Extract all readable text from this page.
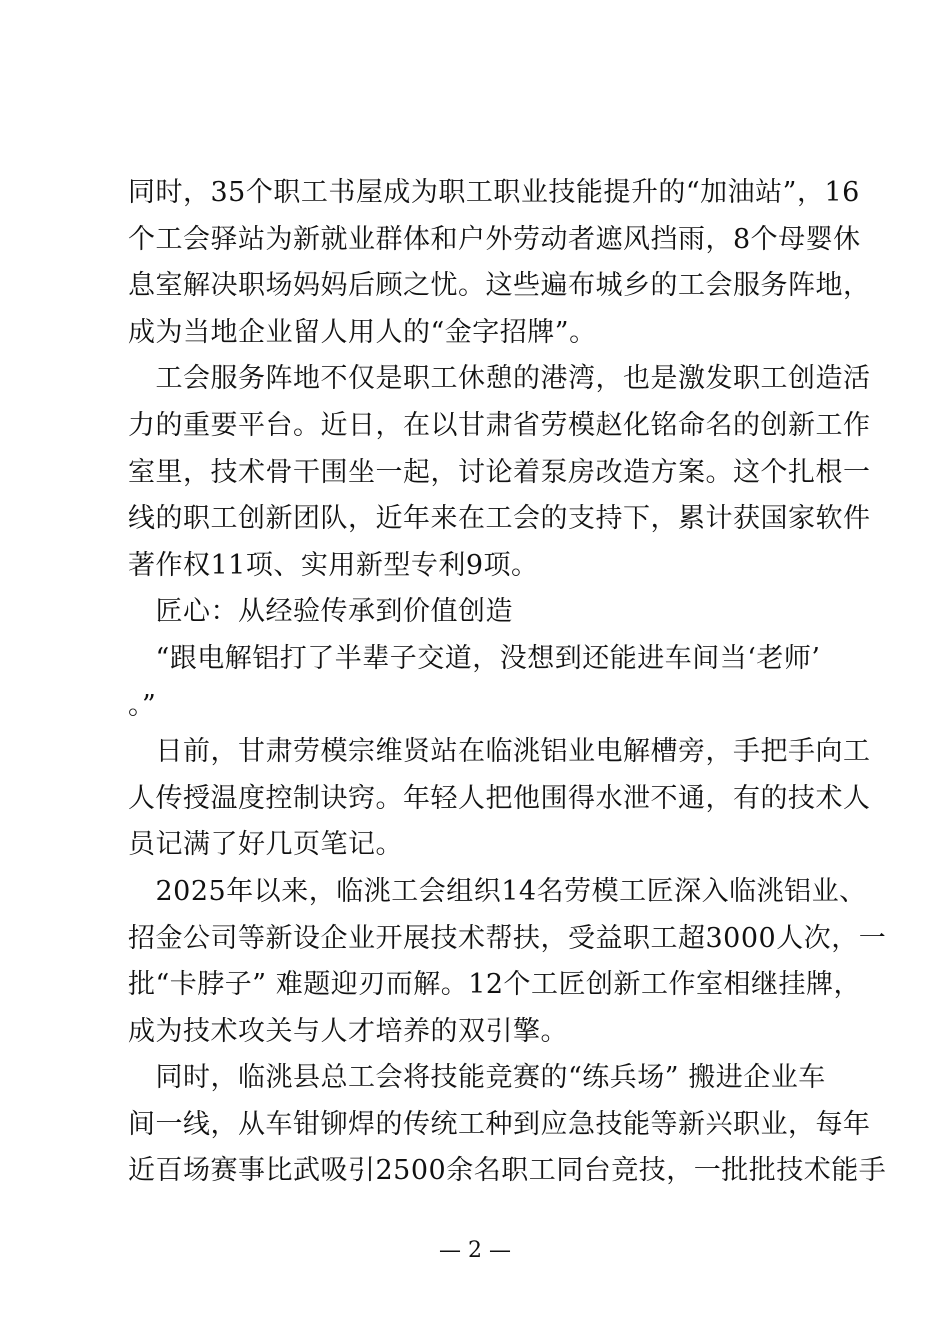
同时，35个职工书屋成为职工职业技能提升的“加油站”，16
个工会驿站为新就业群体和户外劳动者遮风挡雨，8个母婴休
息室解决职场妈妈后顾之忧。这些遍布城乡的工会服务阵地，
成为当地企业留人用人的“金字招牌”。
　工会服务阵地不仅是职工休憩的港湾，也是激发职工创造活
力的重要平台。近日，在以甘肃省劳模赵化铭命名的创新工作
室里，技术骨干围坐一起，讨论着泵房改造方案。这个扎根一
线的职工创新团队，近年来在工会的支持下，累计获国家软件
著作权11项、实用新型专利9项。
　匠心：从经验传承到价值创造
　“跟电解铝打了半辈子交道，没想到还能进车间当‘老师’
。”
　日前，甘肃劳模宗维贤站在临洮铝业电解槽旁，手把手向工
人传授温度控制诀窍。年轻人把他围得水泄不通，有的技术人
员记满了好几页笔记。
　2025年以来，临洮工会组织14名劳模工匠深入临洮铝业、
招金公司等新设企业开展技术帮扶，受益职工超3000人次，一
批“卡脖子” 难题迎刃而解。12个工匠创新工作室相继挂牌，
成为技术攻关与人才培养的双引擎。
　同时，临洮县总工会将技能竞赛的“练兵场” 搬进企业车
间一线，从车钳铆焊的传统工种到应急技能等新兴职业，每年
近百场赛事比武吸引2500余名职工同台竞技，一批批技术能手
— 2 —
